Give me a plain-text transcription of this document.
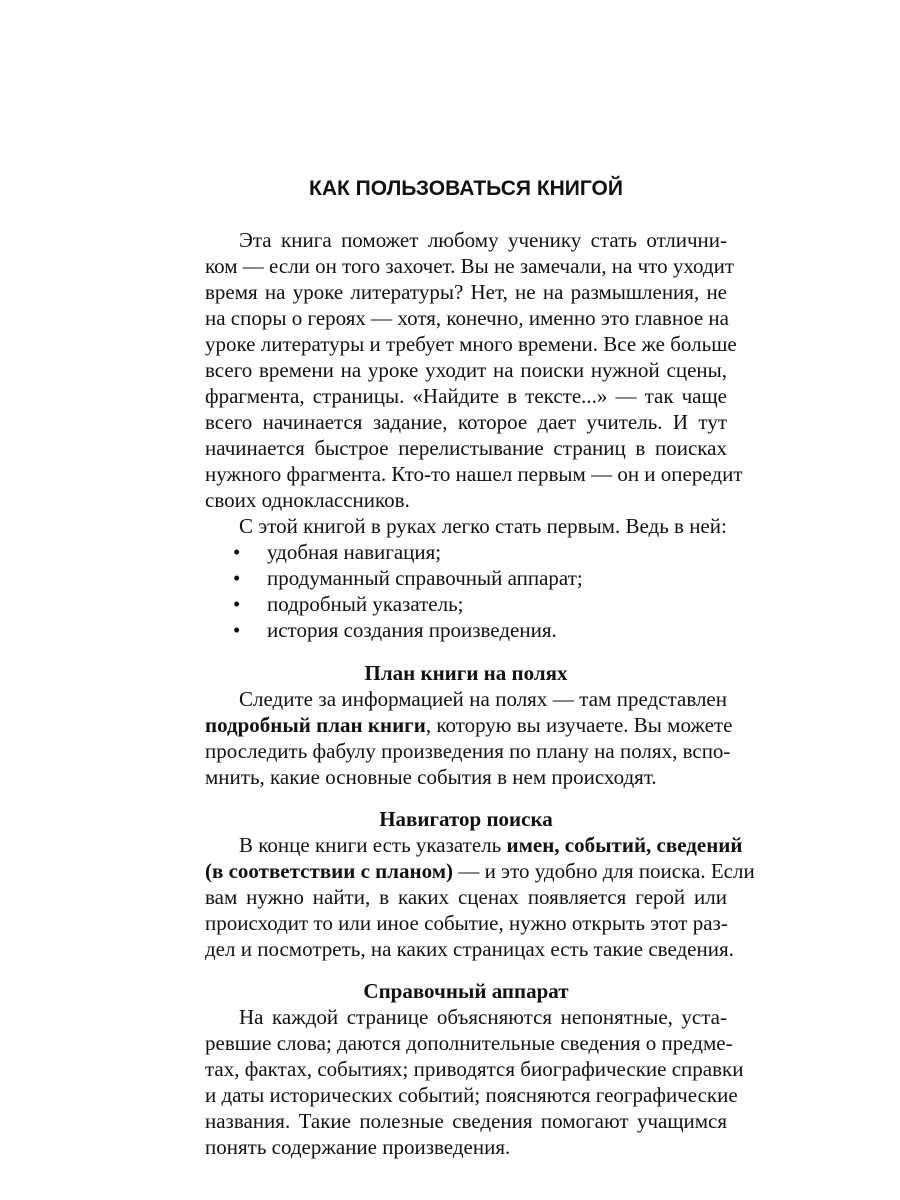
КАК ПОЛЬЗОВАТЬСЯ КНИГОЙ
Эта книга поможет любому ученику стать отлични-
ком — если он того захочет. Вы не замечали, на что уходит
время на уроке литературы? Нет, не на размышления, не
на споры о героях — хотя, конечно, именно это главное на
уроке литературы и требует много времени. Все же больше
всего времени на уроке уходит на поиски нужной сцены,
фрагмента, страницы. «Найдите в тексте...» — так чаще
всего начинается задание, которое дает учитель. И тут
начинается быстрое перелистывание страниц в поисках
нужного фрагмента. Кто-то нашел первым — он и опередит
своих одноклассников.
С этой книгой в руках легко стать первым. Ведь в ней:
• удобная навигация;
• продуманный справочный аппарат;
• подробный указатель;
• история создания произведения.
План книги на полях
Следите за информацией на полях — там представлен
подробный план книги, которую вы изучаете. Вы можете
проследить фабулу произведения по плану на полях, вспо-
мнить, какие основные события в нем происходят.
Навигатор поиска
В конце книги есть указатель имен, событий, сведений
(в соответствии с планом) — и это удобно для поиска. Если
вам нужно найти, в каких сценах появляется герой или
происходит то или иное событие, нужно открыть этот раз-
дел и посмотреть, на каких страницах есть такие сведения.
Справочный аппарат
На каждой странице объясняются непонятные, уста-
ревшие слова; даются дополнительные сведения о предме-
тах, фактах, событиях; приводятся биографические справки
и даты исторических событий; поясняются географические
названия. Такие полезные сведения помогают учащимся
понять содержание произведения.
